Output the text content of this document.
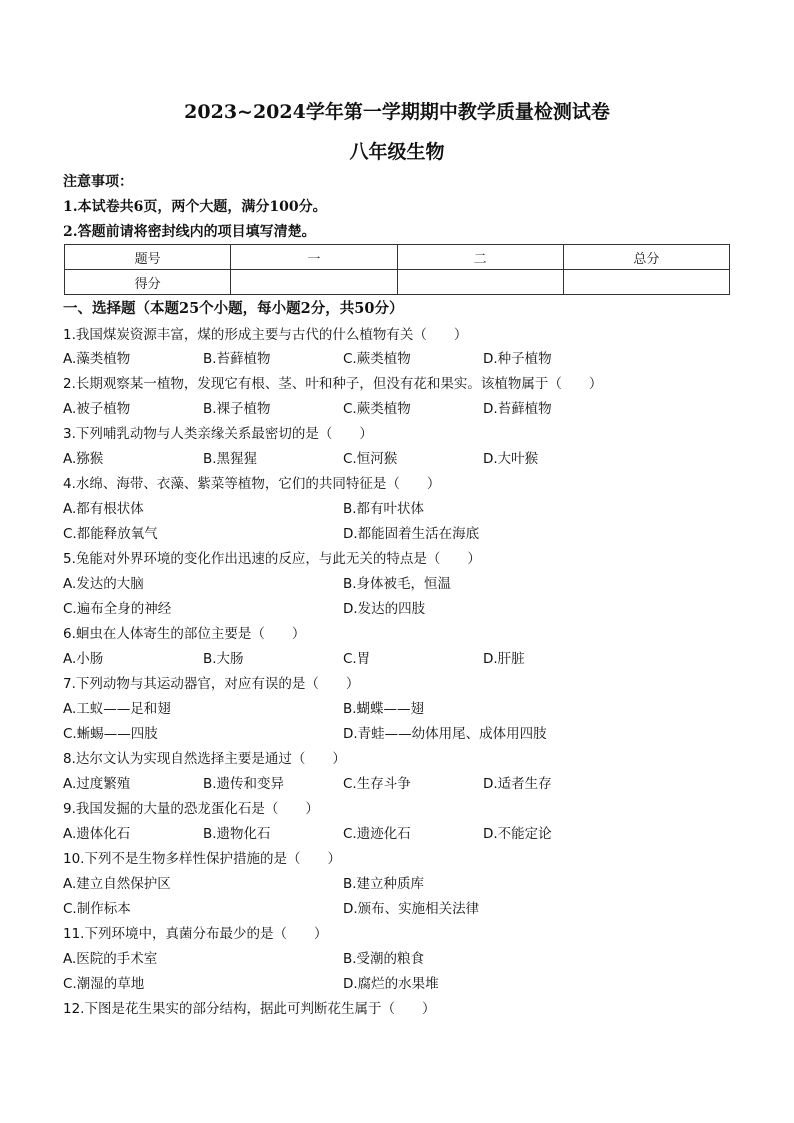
2023~2024学年第一学期期中教学质量检测试卷
八年级生物
注意事项：
1.本试卷共6页，两个大题，满分100分。
2.答题前请将密封线内的项目填写清楚。
题号	一	二	总分
得分			
一、选择题（本题25个小题，每小题2分，共50分）
1.我国煤炭资源丰富，煤的形成主要与古代的什么植物有关（　　）
A.藻类植物	B.苔藓植物	C.蕨类植物	D.种子植物
2.长期观察某一植物，发现它有根、茎、叶和种子，但没有花和果实。该植物属于（　　）
A.被子植物	B.裸子植物	C.蕨类植物	D.苔藓植物
3.下列哺乳动物与人类亲缘关系最密切的是（　　）
A.猕猴	B.黑猩猩	C.恒河猴	D.大叶猴
4.水绵、海带、衣藻、紫菜等植物，它们的共同特征是（　　）
A.都有根状体	B.都有叶状体
C.都能释放氧气	D.都能固着生活在海底
5.兔能对外界环境的变化作出迅速的反应，与此无关的特点是（　　）
A.发达的大脑	B.身体被毛，恒温
C.遍布全身的神经	D.发达的四肢
6.蛔虫在人体寄生的部位主要是（　　）
A.小肠	B.大肠	C.胃	D.肝脏
7.下列动物与其运动器官，对应有误的是（　　）
A.工蚁——足和翅	B.蝴蝶——翅
C.蜥蜴——四肢	D.青蛙——幼体用尾、成体用四肢
8.达尔文认为实现自然选择主要是通过（　　）
A.过度繁殖	B.遗传和变异	C.生存斗争	D.适者生存
9.我国发掘的大量的恐龙蛋化石是（　　）
A.遗体化石	B.遗物化石	C.遗迹化石	D.不能定论
10.下列不是生物多样性保护措施的是（　　）
A.建立自然保护区	B.建立种质库
C.制作标本	D.颁布、实施相关法律
11.下列环境中，真菌分布最少的是（　　）
A.医院的手术室	B.受潮的粮食
C.潮湿的草地	D.腐烂的水果堆
12.下图是花生果实的部分结构，据此可判断花生属于（　　）
